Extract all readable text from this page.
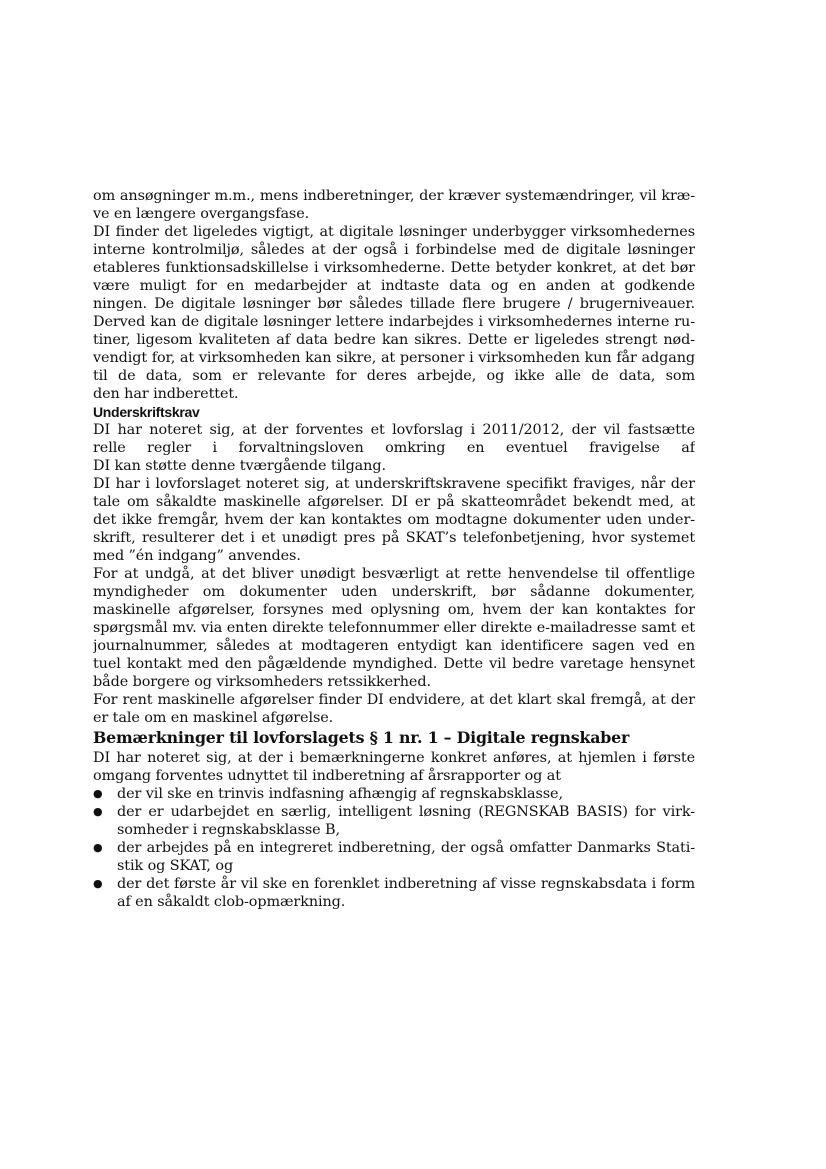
om ansøgninger m.m., mens indberetninger, der kræver systemændringer, vil kræ-
ve en længere overgangsfase.

DI finder det ligeledes vigtigt, at digitale løsninger underbygger virksomhedernes
interne kontrolmiljø, således at der også i forbindelse med de digitale løsninger
etableres funktionsadskillelse i virksomhederne. Dette betyder konkret, at det bør
være muligt for en medarbejder at indtaste data og en anden at godkende
ningen. De digitale løsninger bør således tillade flere brugere / brugerniveauer.
Derved kan de digitale løsninger lettere indarbejdes i virksomhedernes interne ru-
tiner, ligesom kvaliteten af data bedre kan sikres. Dette er ligeledes strengt nød-
vendigt for, at virksomheden kan sikre, at personer i virksomheden kun får adgang
til de data, som er relevante for deres arbejde, og ikke alle de data, som
den har indberettet.

Underskriftskrav

DI har noteret sig, at der forventes et lovforslag i 2011/2012, der vil fastsætte
relle regler i forvaltningsloven omkring en eventuel fravigelse af
DI kan støtte denne tværgående tilgang.

DI har i lovforslaget noteret sig, at underskriftskravene specifikt fraviges, når der
tale om såkaldte maskinelle afgørelser. DI er på skatteområdet bekendt med, at
det ikke fremgår, hvem der kan kontaktes om modtagne dokumenter uden under-
skrift, resulterer det i et unødigt pres på SKAT’s telefonbetjening, hvor systemet
med ”én indgang” anvendes.

For at undgå, at det bliver unødigt besværligt at rette henvendelse til offentlige
myndigheder om dokumenter uden underskrift, bør sådanne dokumenter,
maskinelle afgørelser, forsynes med oplysning om, hvem der kan kontaktes for
spørgsmål mv. via enten direkte telefonnummer eller direkte e-mailadresse samt et
journalnummer, således at modtageren entydigt kan identificere sagen ved en
tuel kontakt med den pågældende myndighed. Dette vil bedre varetage hensynet
både borgere og virksomheders retssikkerhed.

For rent maskinelle afgørelser finder DI endvidere, at det klart skal fremgå, at der
er tale om en maskinel afgørelse.

Bemærkninger til lovforslagets § 1 nr. 1 – Digitale regnskaber

DI har noteret sig, at der i bemærkningerne konkret anføres, at hjemlen i første
omgang forventes udnyttet til indberetning af årsrapporter og at

● der vil ske en trinvis indfasning afhængig af regnskabsklasse,
● der er udarbejdet en særlig, intelligent løsning (REGNSKAB BASIS) for virk-
somheder i regnskabsklasse B,
● der arbejdes på en integreret indberetning, der også omfatter Danmarks Stati-
stik og SKAT, og
● der det første år vil ske en forenklet indberetning af visse regnskabsdata i form
af en såkaldt clob-opmærkning.
